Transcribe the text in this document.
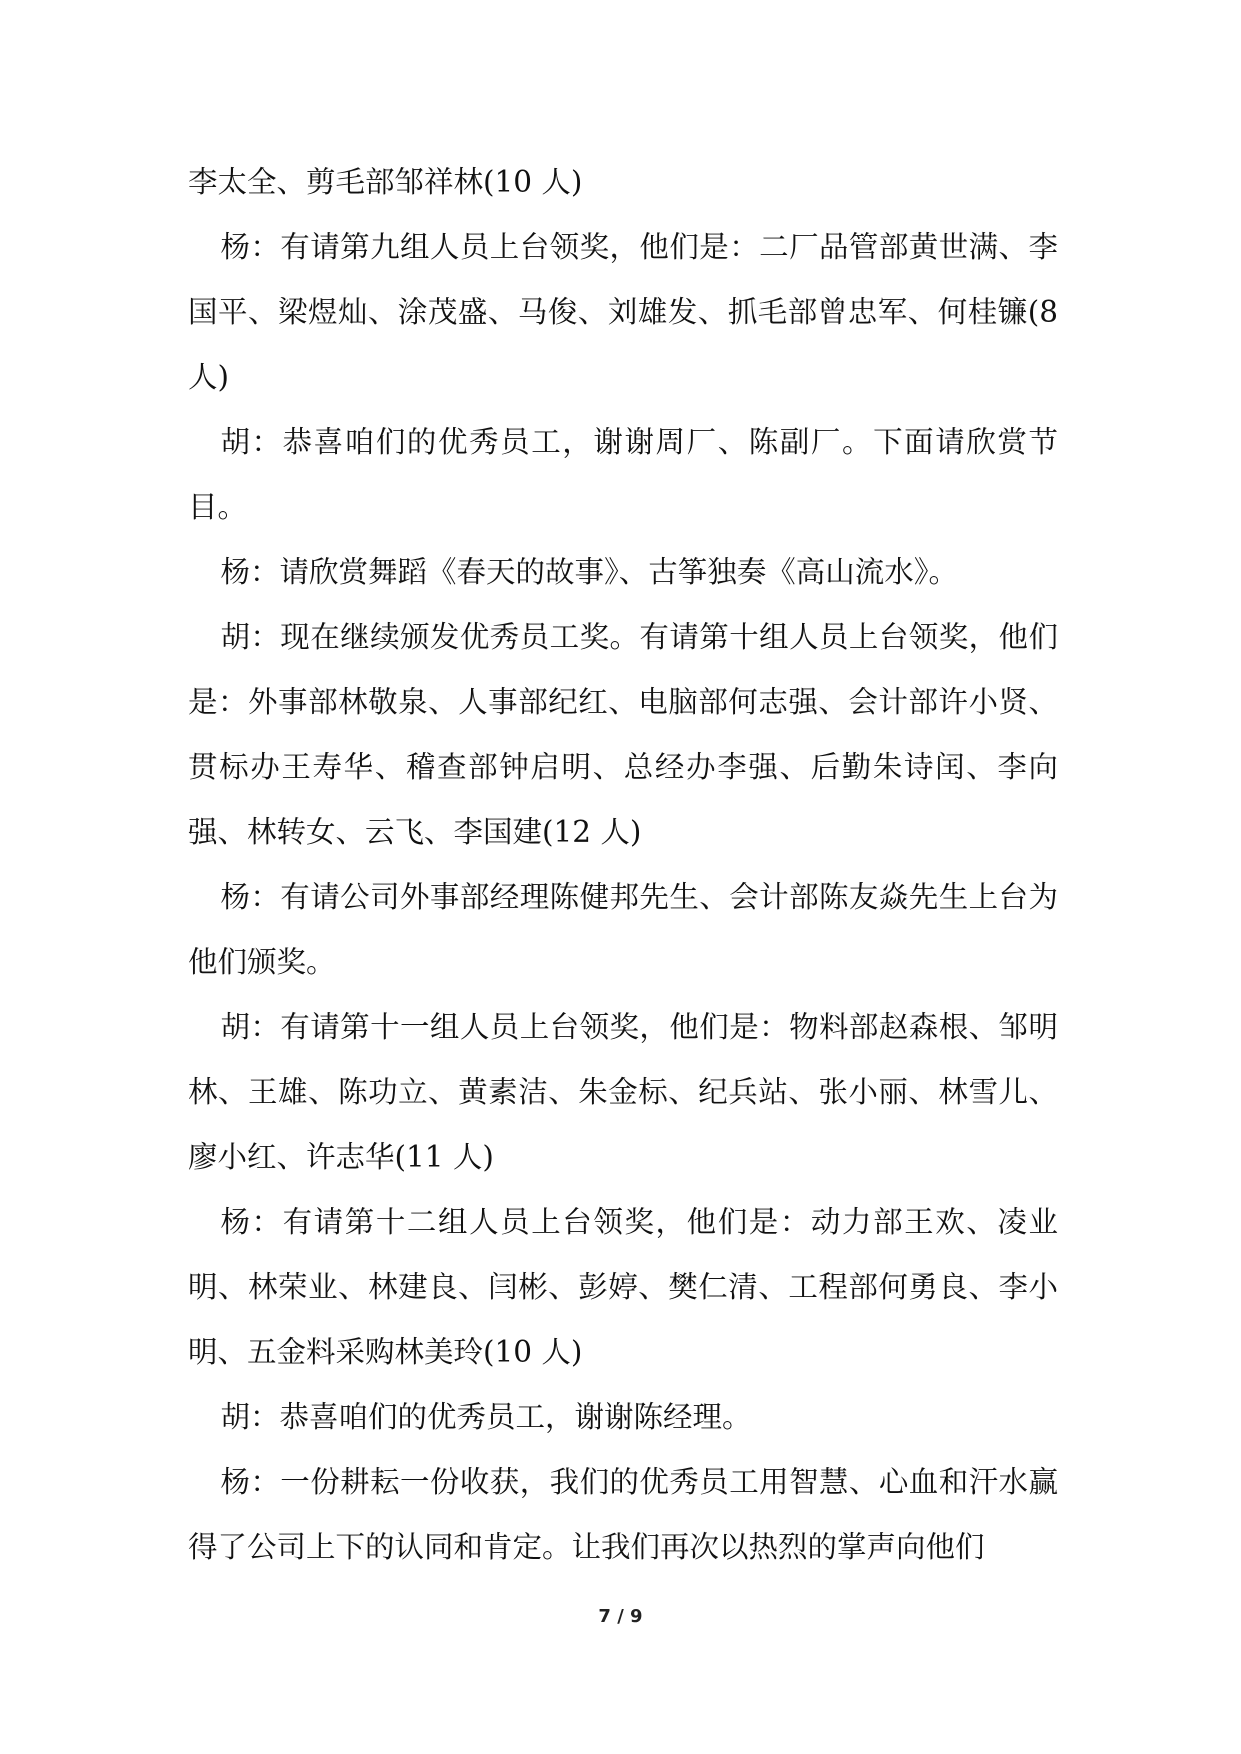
李太全、剪毛部邹祥林(10 人)

杨：有请第九组人员上台领奖，他们是：二厂品管部黄世满、李国平、梁煜灿、涂茂盛、马俊、刘雄发、抓毛部曾忠军、何桂镰(8 人)

胡：恭喜咱们的优秀员工，谢谢周厂、陈副厂。下面请欣赏节目。

杨：请欣赏舞蹈《春天的故事》、古筝独奏《高山流水》。

胡：现在继续颁发优秀员工奖。有请第十组人员上台领奖，他们是：外事部林敬泉、人事部纪红、电脑部何志强、会计部许小贤、贯标办王寿华、稽查部钟启明、总经办李强、后勤朱诗闰、李向强、林转女、云飞、李国建(12 人)

杨：有请公司外事部经理陈健邦先生、会计部陈友焱先生上台为他们颁奖。

胡：有请第十一组人员上台领奖，他们是：物料部赵森根、邹明林、王雄、陈功立、黄素洁、朱金标、纪兵站、张小丽、林雪儿、廖小红、许志华(11 人)

杨：有请第十二组人员上台领奖，他们是：动力部王欢、凌业明、林荣业、林建良、闫彬、彭婷、樊仁清、工程部何勇良、李小明、五金料采购林美玲(10 人)

胡：恭喜咱们的优秀员工，谢谢陈经理。

杨：一份耕耘一份收获，我们的优秀员工用智慧、心血和汗水赢得了公司上下的认同和肯定。让我们再次以热烈的掌声向他们

7 / 9
